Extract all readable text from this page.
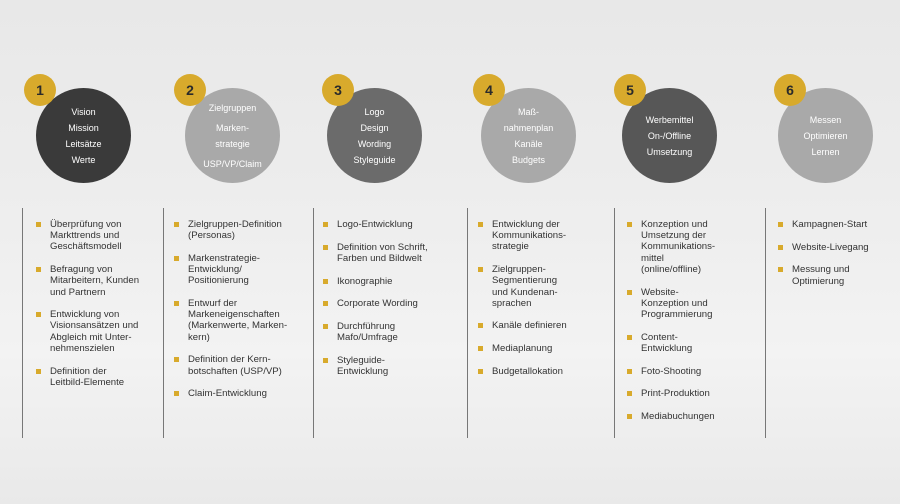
Vision
Mission
Leitsätze
Werte
1
Überprüfung von
Markttrends und
Geschäftsmodell
Befragung von
Mitarbeitern, Kunden
und Partnern
Entwicklung von
Visionsansätzen und
Abgleich mit Unter-
nehmenszielen
Definition der
Leitbild-Elemente
Zielgruppen
Marken-
strategie
USP/VP/Claim
2
Zielgruppen-Definition
(Personas)
Markenstrategie-
Entwicklung/
Positionierung
Entwurf der
Markeneigenschaften
(Markenwerte, Marken-
kern)
Definition der Kern-
botschaften (USP/VP)
Claim-Entwicklung
Logo
Design
Wording
Styleguide
3
Logo-Entwicklung
Definition von Schrift,
Farben und Bildwelt
Ikonographie
Corporate Wording
Durchführung
Mafo/Umfrage
Styleguide-
Entwicklung
Maß-
nahmenplan
Kanäle
Budgets
4
Entwicklung der
Kommunikations-
strategie
Zielgruppen-
Segmentierung
und Kundenan-
sprachen
Kanäle definieren
Mediaplanung
Budgetallokation
Werbemittel
On-/Offline
Umsetzung
5
Konzeption und
Umsetzung der
Kommunikations-
mittel
(online/offline)
Website-
Konzeption und
Programmierung
Content-
Entwicklung
Foto-Shooting
Print-Produktion
Mediabuchungen
Messen
Optimieren
Lernen
6
Kampagnen-Start
Website-Livegang
Messung und
Optimierung
